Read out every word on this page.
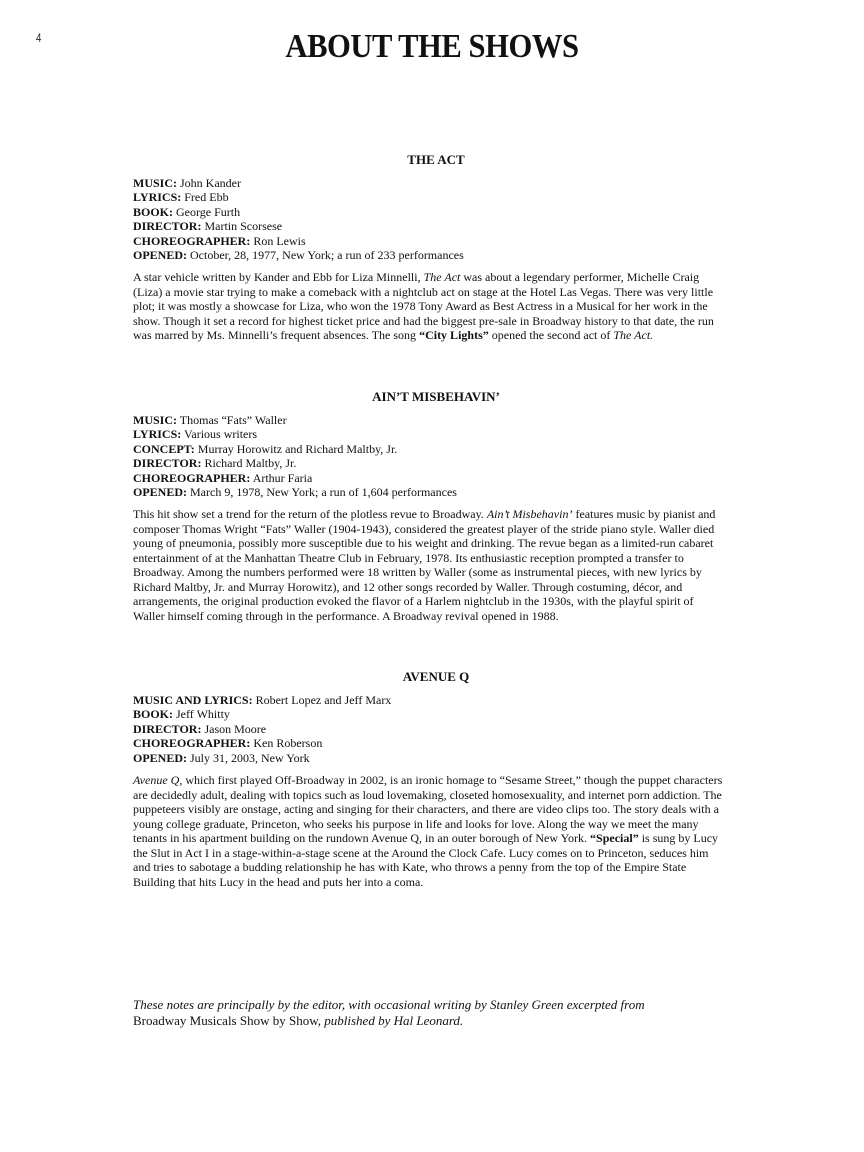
4	ABOUT THE SHOWS
THE ACT
MUSIC: John Kander
LYRICS: Fred Ebb
BOOK: George Furth
DIRECTOR: Martin Scorsese
CHOREOGRAPHER: Ron Lewis
OPENED: October, 28, 1977, New York; a run of 233 performances

A star vehicle written by Kander and Ebb for Liza Minnelli, The Act was about a legendary performer, Michelle Craig
(Liza) a movie star trying to make a comeback with a nightclub act on stage at the Hotel Las Vegas. There was very little
plot; it was mostly a showcase for Liza, who won the 1978 Tony Award as Best Actress in a Musical for her work in the
show. Though it set a record for highest ticket price and had the biggest pre-sale in Broadway history to that date, the run
was marred by Ms. Minnelli’s frequent absences. The song “City Lights” opened the second act of The Act.

AIN’T MISBEHAVIN’
MUSIC: Thomas “Fats” Waller
LYRICS: Various writers
CONCEPT: Murray Horowitz and Richard Maltby, Jr.
DIRECTOR: Richard Maltby, Jr.
CHOREOGRAPHER: Arthur Faria
OPENED: March 9, 1978, New York; a run of 1,604 performances

This hit show set a trend for the return of the plotless revue to Broadway. Ain’t Misbehavin’ features music by pianist and
composer Thomas Wright “Fats” Waller (1904-1943), considered the greatest player of the stride piano style. Waller died
young of pneumonia, possibly more susceptible due to his weight and drinking. The revue began as a limited-run cabaret
entertainment of at the Manhattan Theatre Club in February, 1978. Its enthusiastic reception prompted a transfer to
Broadway. Among the numbers performed were 18 written by Waller (some as instrumental pieces, with new lyrics by
Richard Maltby, Jr. and Murray Horowitz), and 12 other songs recorded by Waller. Through costuming, décor, and
arrangements, the original production evoked the flavor of a Harlem nightclub in the 1930s, with the playful spirit of
Waller himself coming through in the performance. A Broadway revival opened in 1988.

AVENUE Q
MUSIC AND LYRICS: Robert Lopez and Jeff Marx
BOOK: Jeff Whitty
DIRECTOR: Jason Moore
CHOREOGRAPHER: Ken Roberson
OPENED: July 31, 2003, New York

Avenue Q, which first played Off-Broadway in 2002, is an ironic homage to “Sesame Street,” though the puppet characters
are decidedly adult, dealing with topics such as loud lovemaking, closeted homosexuality, and internet porn addiction. The
puppeteers visibly are onstage, acting and singing for their characters, and there are video clips too. The story deals with a
young college graduate, Princeton, who seeks his purpose in life and looks for love. Along the way we meet the many
tenants in his apartment building on the rundown Avenue Q, in an outer borough of New York. “Special” is sung by Lucy
the Slut in Act I in a stage-within-a-stage scene at the Around the Clock Cafe. Lucy comes on to Princeton, seduces him
and tries to sabotage a budding relationship he has with Kate, who throws a penny from the top of the Empire State
Building that hits Lucy in the head and puts her into a coma.

These notes are principally by the editor, with occasional writing by Stanley Green excerpted from
Broadway Musicals Show by Show, published by Hal Leonard.
